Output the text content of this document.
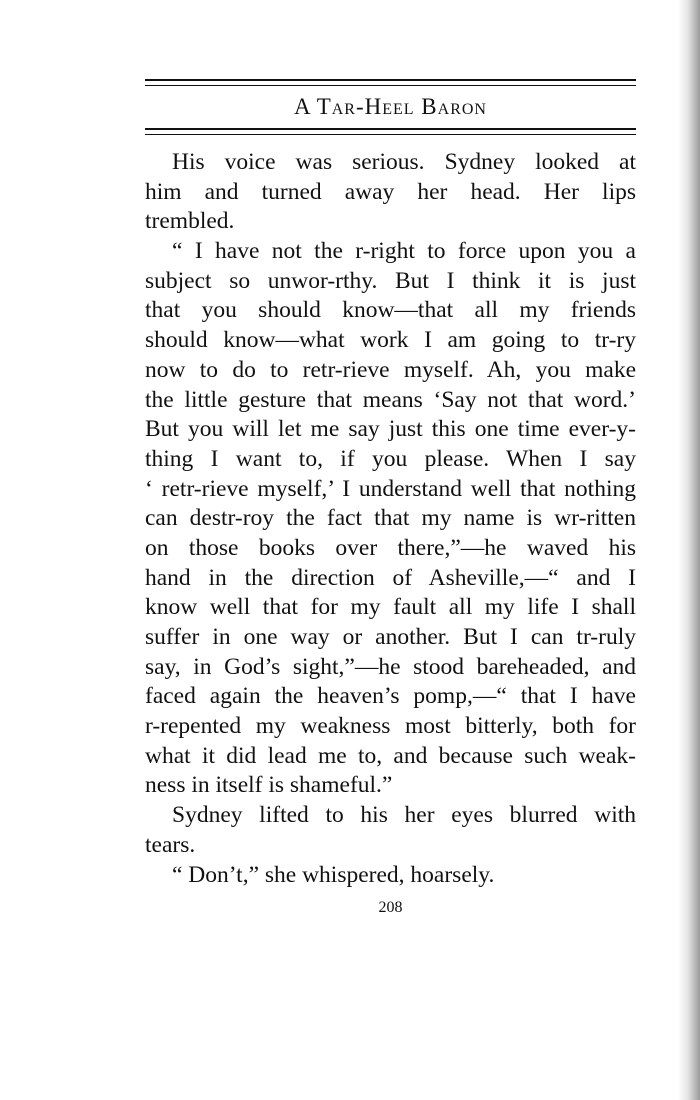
A Tar-Heel Baron
His voice was serious. Sydney looked at
him and turned away her head. Her lips
trembled.
“ I have not the r-right to force upon you a
subject so unwor-rthy. But I think it is just
that you should know—that all my friends
should know—what work I am going to tr-ry
now to do to retr-rieve myself. Ah, you make
the little gesture that means ‘Say not that word.’
But you will let me say just this one time ever-y-
thing I want to, if you please. When I say
‘ retr-rieve myself,’ I understand well that nothing
can destr-roy the fact that my name is wr-ritten
on those books over there,”—he waved his
hand in the direction of Asheville,—“ and I
know well that for my fault all my life I shall
suffer in one way or another. But I can tr-ruly
say, in God’s sight,”—he stood bareheaded, and
faced again the heaven’s pomp,—“ that I have
r-repented my weakness most bitterly, both for
what it did lead me to, and because such weak-
ness in itself is shameful.”
Sydney lifted to his her eyes blurred with
tears.
“ Don’t,” she whispered, hoarsely.
208
